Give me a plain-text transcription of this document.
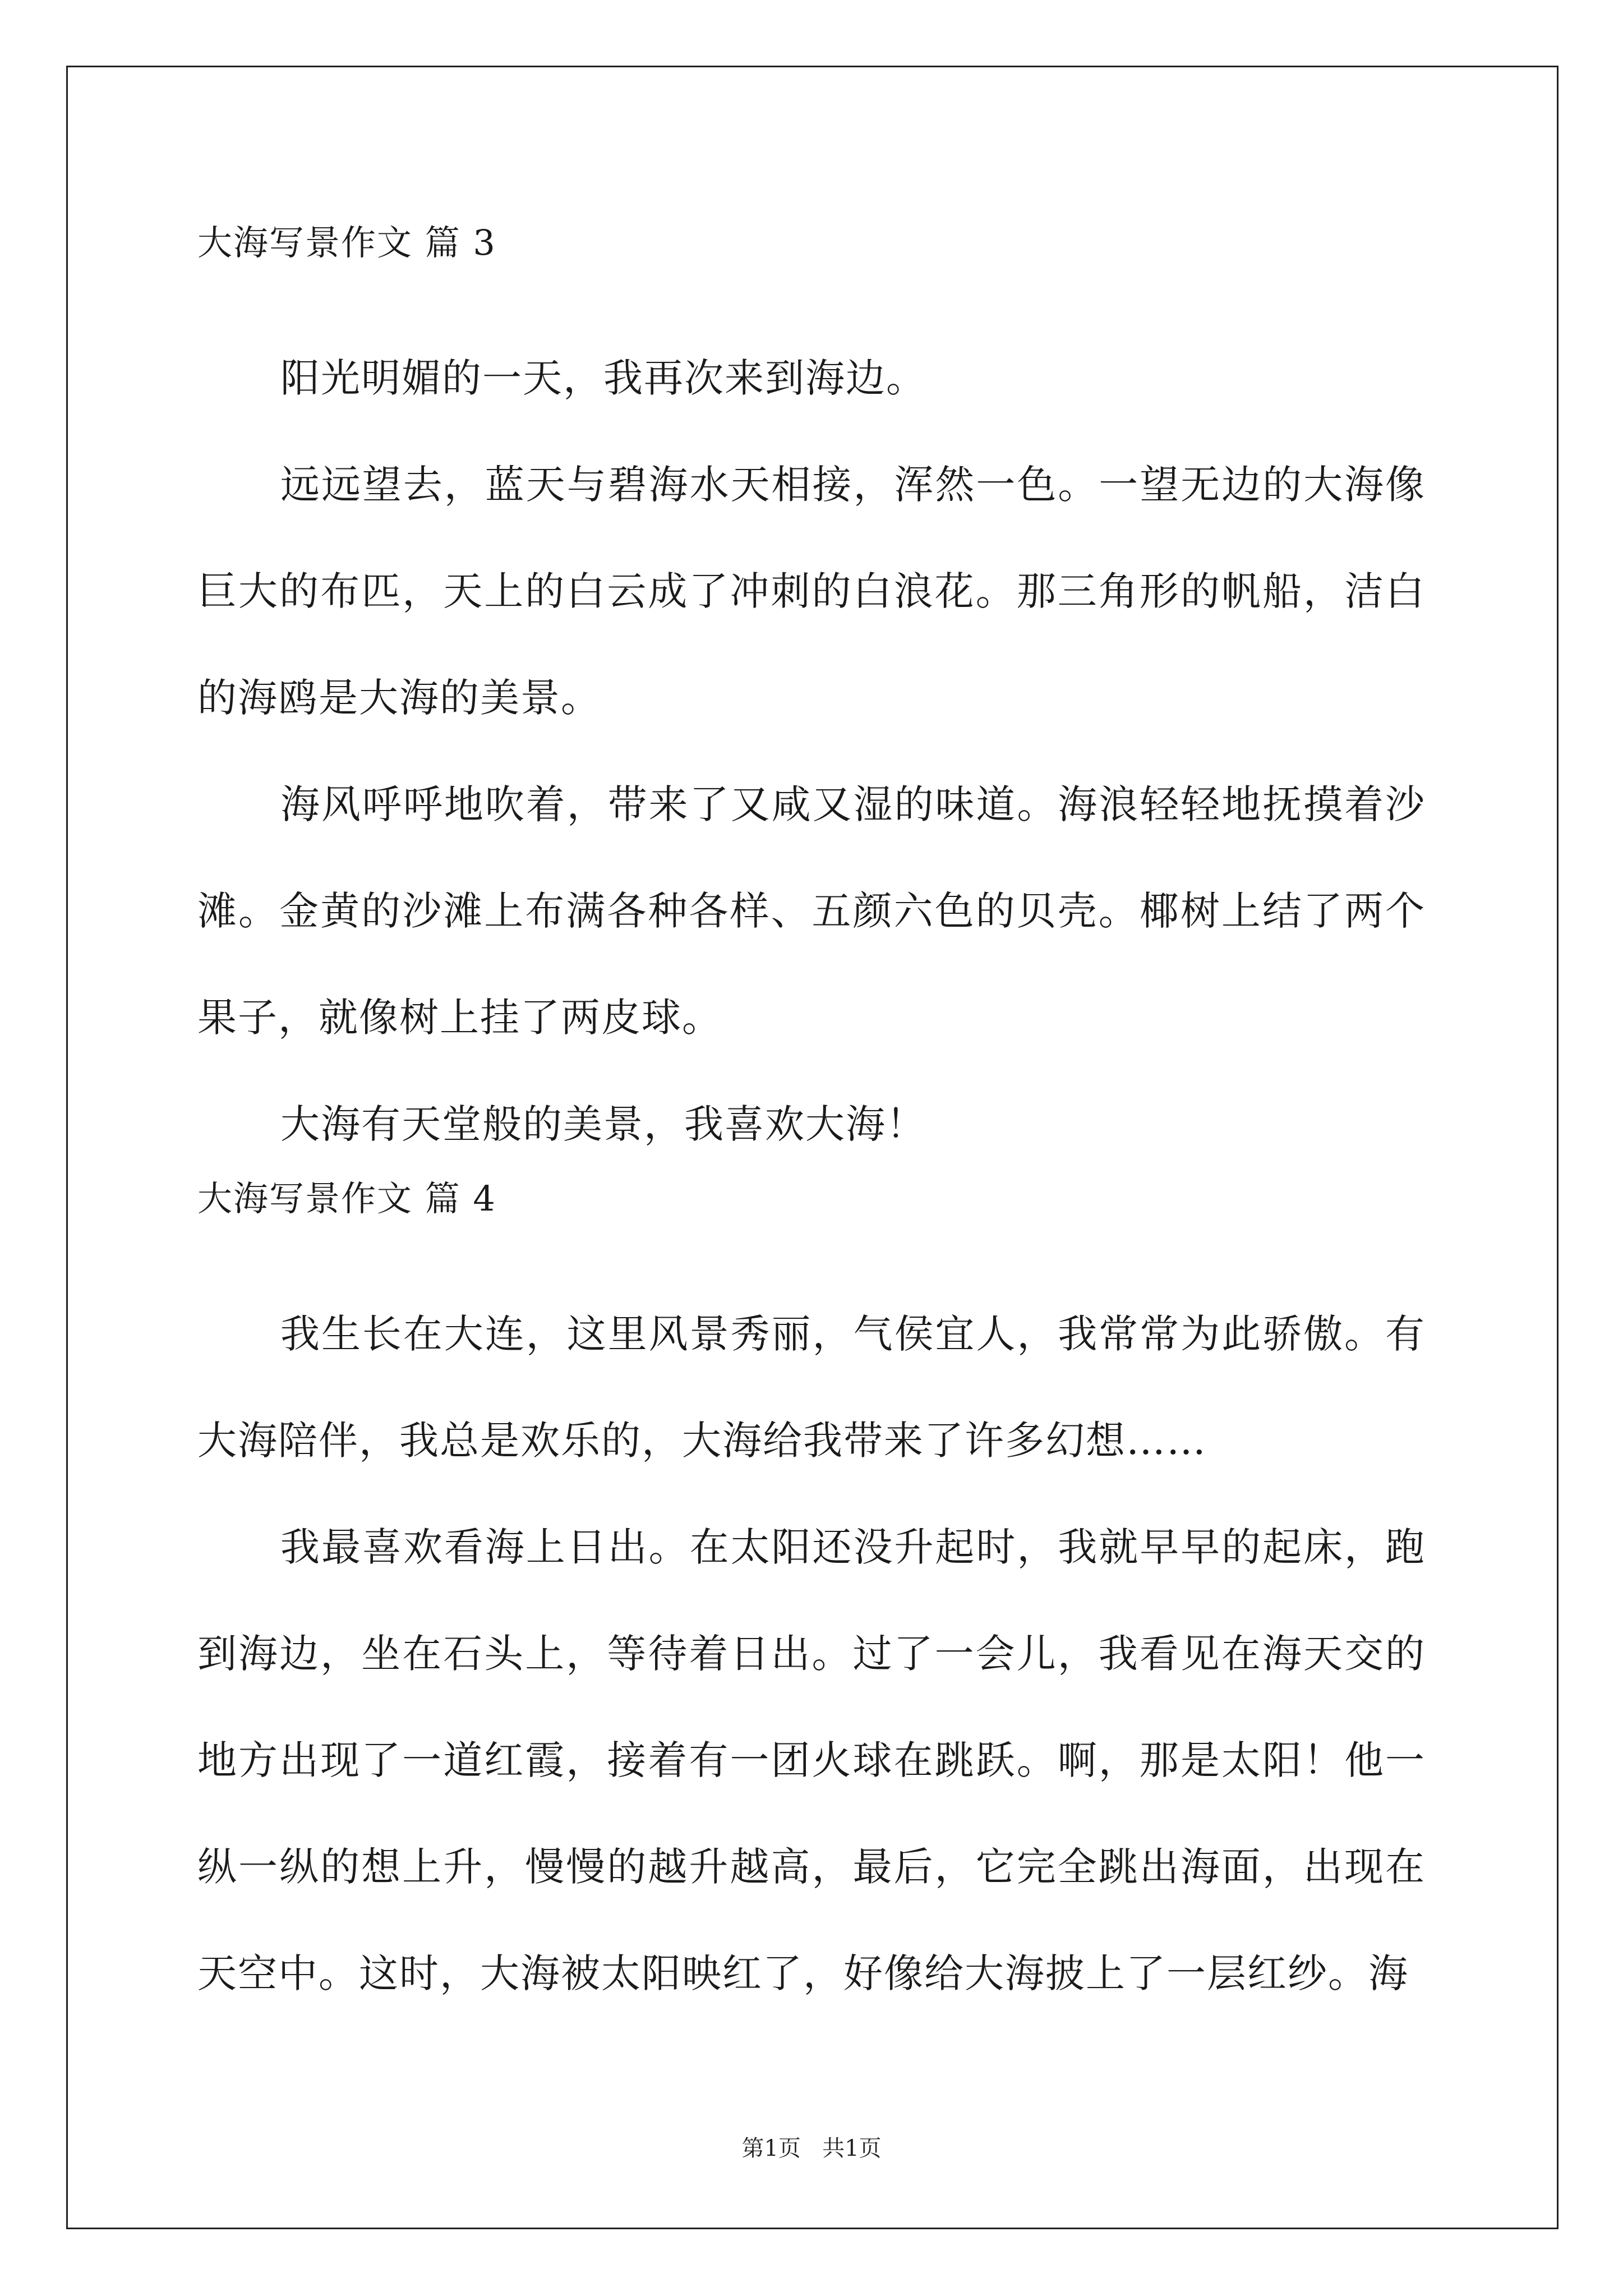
大海写景作文 篇 3

阳光明媚的一天，我再次来到海边。

远远望去，蓝天与碧海水天相接，浑然一色。一望无边的大海像巨大的布匹，天上的白云成了冲刺的白浪花。那三角形的帆船，洁白的海鸥是大海的美景。

海风呼呼地吹着，带来了又咸又湿的味道。海浪轻轻地抚摸着沙滩。金黄的沙滩上布满各种各样、五颜六色的贝壳。椰树上结了两个果子，就像树上挂了两皮球。

大海有天堂般的美景，我喜欢大海！

大海写景作文 篇 4

我生长在大连，这里风景秀丽，气侯宜人，我常常为此骄傲。有大海陪伴，我总是欢乐的，大海给我带来了许多幻想……

我最喜欢看海上日出。在太阳还没升起时，我就早早的起床，跑到海边，坐在石头上，等待着日出。过了一会儿，我看见在海天交的地方出现了一道红霞，接着有一团火球在跳跃。啊，那是太阳！他一纵一纵的想上升，慢慢的越升越高，最后，它完全跳出海面，出现在天空中。这时，大海被太阳映红了，好像给大海披上了一层红纱。海

第1页 共1页
